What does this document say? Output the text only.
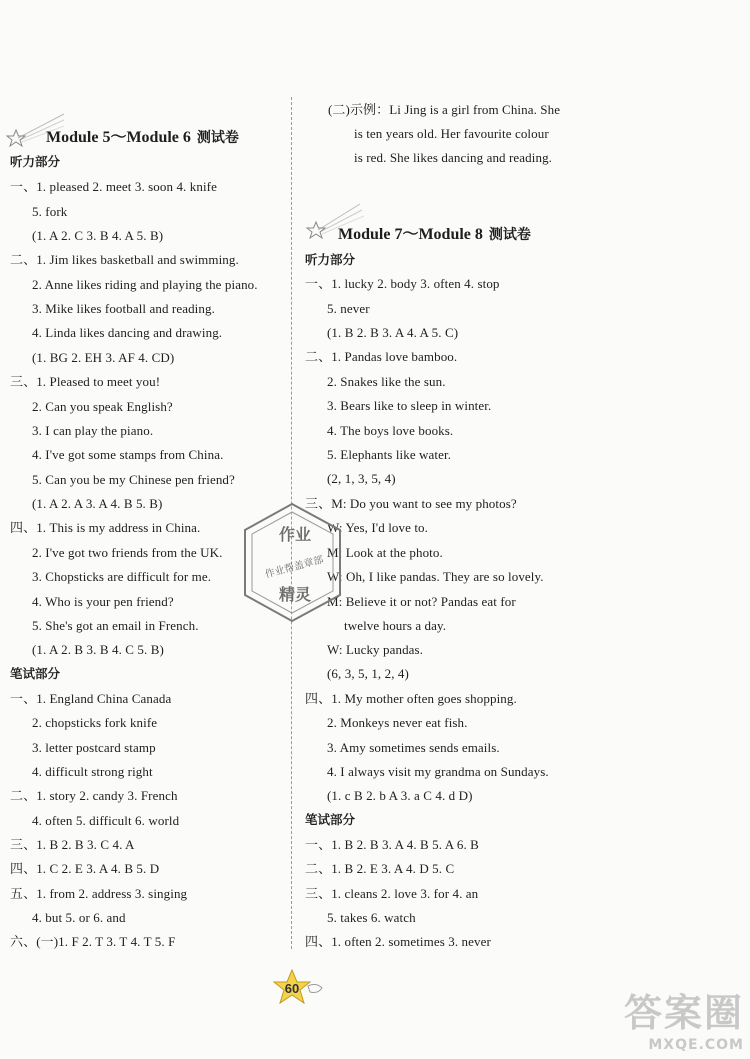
Module 5～Module 6 测试卷
听力部分
一、1. pleased 2. meet 3. soon 4. knife
5. fork
(1. A 2. C 3. B 4. A 5. B)
二、1. Jim likes basketball and swimming.
2. Anne likes riding and playing the piano.
3. Mike likes football and reading.
4. Linda likes dancing and drawing.
(1. BG 2. EH 3. AF 4. CD)
三、1. Pleased to meet you!
2. Can you speak English?
3. I can play the piano.
4. I've got some stamps from China.
5. Can you be my Chinese pen friend?
(1. A 2. A 3. A 4. B 5. B)
四、1. This is my address in China.
2. I've got two friends from the UK.
3. Chopsticks are difficult for me.
4. Who is your pen friend?
5. She's got an email in French.
(1. A 2. B 3. B 4. C 5. B)
笔试部分
一、1. England China Canada
2. chopsticks fork knife
3. letter postcard stamp
4. difficult strong right
二、1. story 2. candy 3. French
4. often 5. difficult 6. world
三、1. B 2. B 3. C 4. A
四、1. C 2. E 3. A 4. B 5. D
五、1. from 2. address 3. singing
4. but 5. or 6. and
六、(一)1. F 2. T 3. T 4. T 5. F
(二)示例：Li Jing is a girl from China. She
is ten years old. Her favourite colour
is red. She likes dancing and reading.
Module 7～Module 8 测试卷
听力部分
一、1. lucky 2. body 3. often 4. stop
5. never
(1. B 2. B 3. A 4. A 5. C)
二、1. Pandas love bamboo.
2. Snakes like the sun.
3. Bears like to sleep in winter.
4. The boys love books.
5. Elephants like water.
(2, 1, 3, 5, 4)
三、M: Do you want to see my photos?
W: Yes, I'd love to.
M: Look at the photo.
W: Oh, I like pandas. They are so lovely.
M: Believe it or not? Pandas eat for
twelve hours a day.
W: Lucky pandas.
(6, 3, 5, 1, 2, 4)
四、1. My mother often goes shopping.
2. Monkeys never eat fish.
3. Amy sometimes sends emails.
4. I always visit my grandma on Sundays.
(1. c B 2. b A 3. a C 4. d D)
笔试部分
一、1. B 2. B 3. A 4. B 5. A 6. B
二、1. B 2. E 3. A 4. D 5. C
三、1. cleans 2. love 3. for 4. an
5. takes 6. watch
四、1. often 2. sometimes 3. never
作业
作业帮盖章部
精灵
60
答案圈
MXQE.COM
